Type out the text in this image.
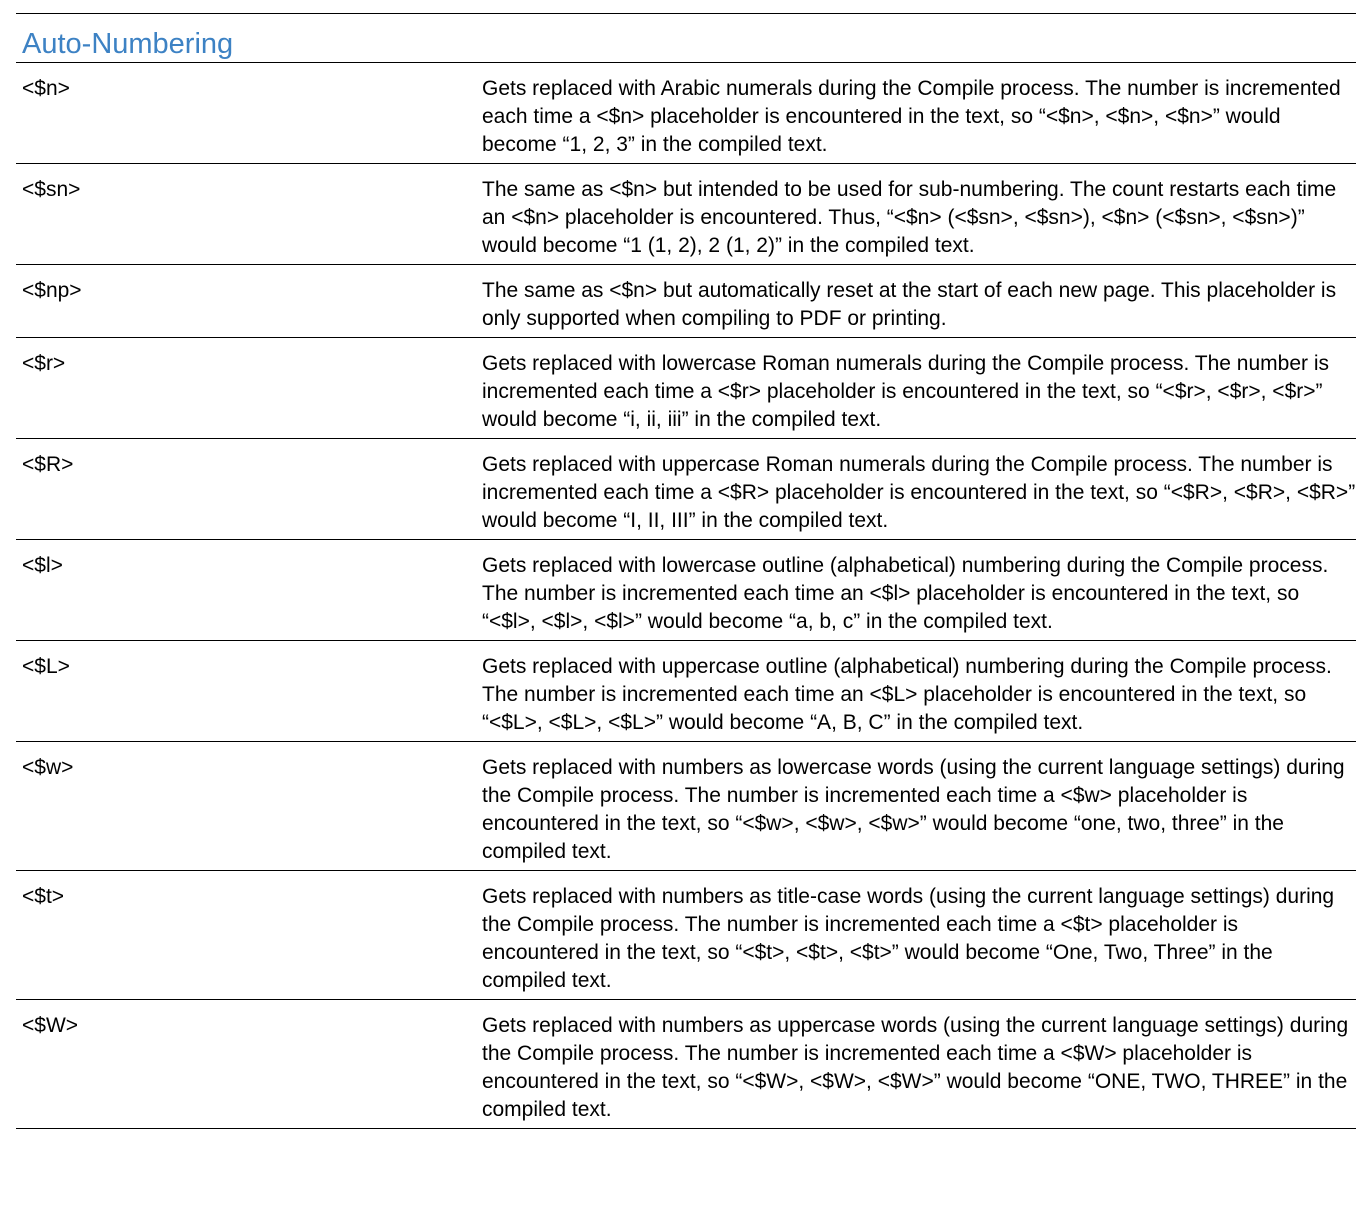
Auto-Numbering
<$n>	Gets replaced with Arabic numerals during the Compile process. The number is incremented each time a <$n> placeholder is encountered in the text, so “<$n>, <$n>, <$n>” would become “1, 2, 3” in the compiled text.
<$sn>	The same as <$n> but intended to be used for sub-numbering. The count restarts each time an <$n> placeholder is encountered. Thus, “<$n> (<$sn>, <$sn>), <$n> (<$sn>, <$sn>)” would become “1 (1, 2), 2 (1, 2)” in the compiled text.
<$np>	The same as <$n> but automatically reset at the start of each new page. This placeholder is only supported when compiling to PDF or printing.
<$r>	Gets replaced with lowercase Roman numerals during the Compile process. The number is incremented each time a <$r> placeholder is encountered in the text, so “<$r>, <$r>, <$r>” would become “i, ii, iii” in the compiled text.
<$R>	Gets replaced with uppercase Roman numerals during the Compile process. The number is incremented each time a <$R> placeholder is encountered in the text, so “<$R>, <$R>, <$R>” would become “I, II, III” in the compiled text.
<$l>	Gets replaced with lowercase outline (alphabetical) numbering during the Compile process. The number is incremented each time an <$l> placeholder is encountered in the text, so “<$l>, <$l>, <$l>” would become “a, b, c” in the compiled text.
<$L>	Gets replaced with uppercase outline (alphabetical) numbering during the Compile process. The number is incremented each time an <$L> placeholder is encountered in the text, so “<$L>, <$L>, <$L>” would become “A, B, C” in the compiled text.
<$w>	Gets replaced with numbers as lowercase words (using the current language settings) during the Compile process. The number is incremented each time a <$w> placeholder is encountered in the text, so “<$w>, <$w>, <$w>” would become “one, two, three” in the compiled text.
<$t>	Gets replaced with numbers as title-case words (using the current language settings) during the Compile process. The number is incremented each time a <$t> placeholder is encountered in the text, so “<$t>, <$t>, <$t>” would become “One, Two, Three” in the compiled text.
<$W>	Gets replaced with numbers as uppercase words (using the current language settings) during the Compile process. The number is incremented each time a <$W> placeholder is encountered in the text, so “<$W>, <$W>, <$W>” would become “ONE, TWO, THREE” in the compiled text.
